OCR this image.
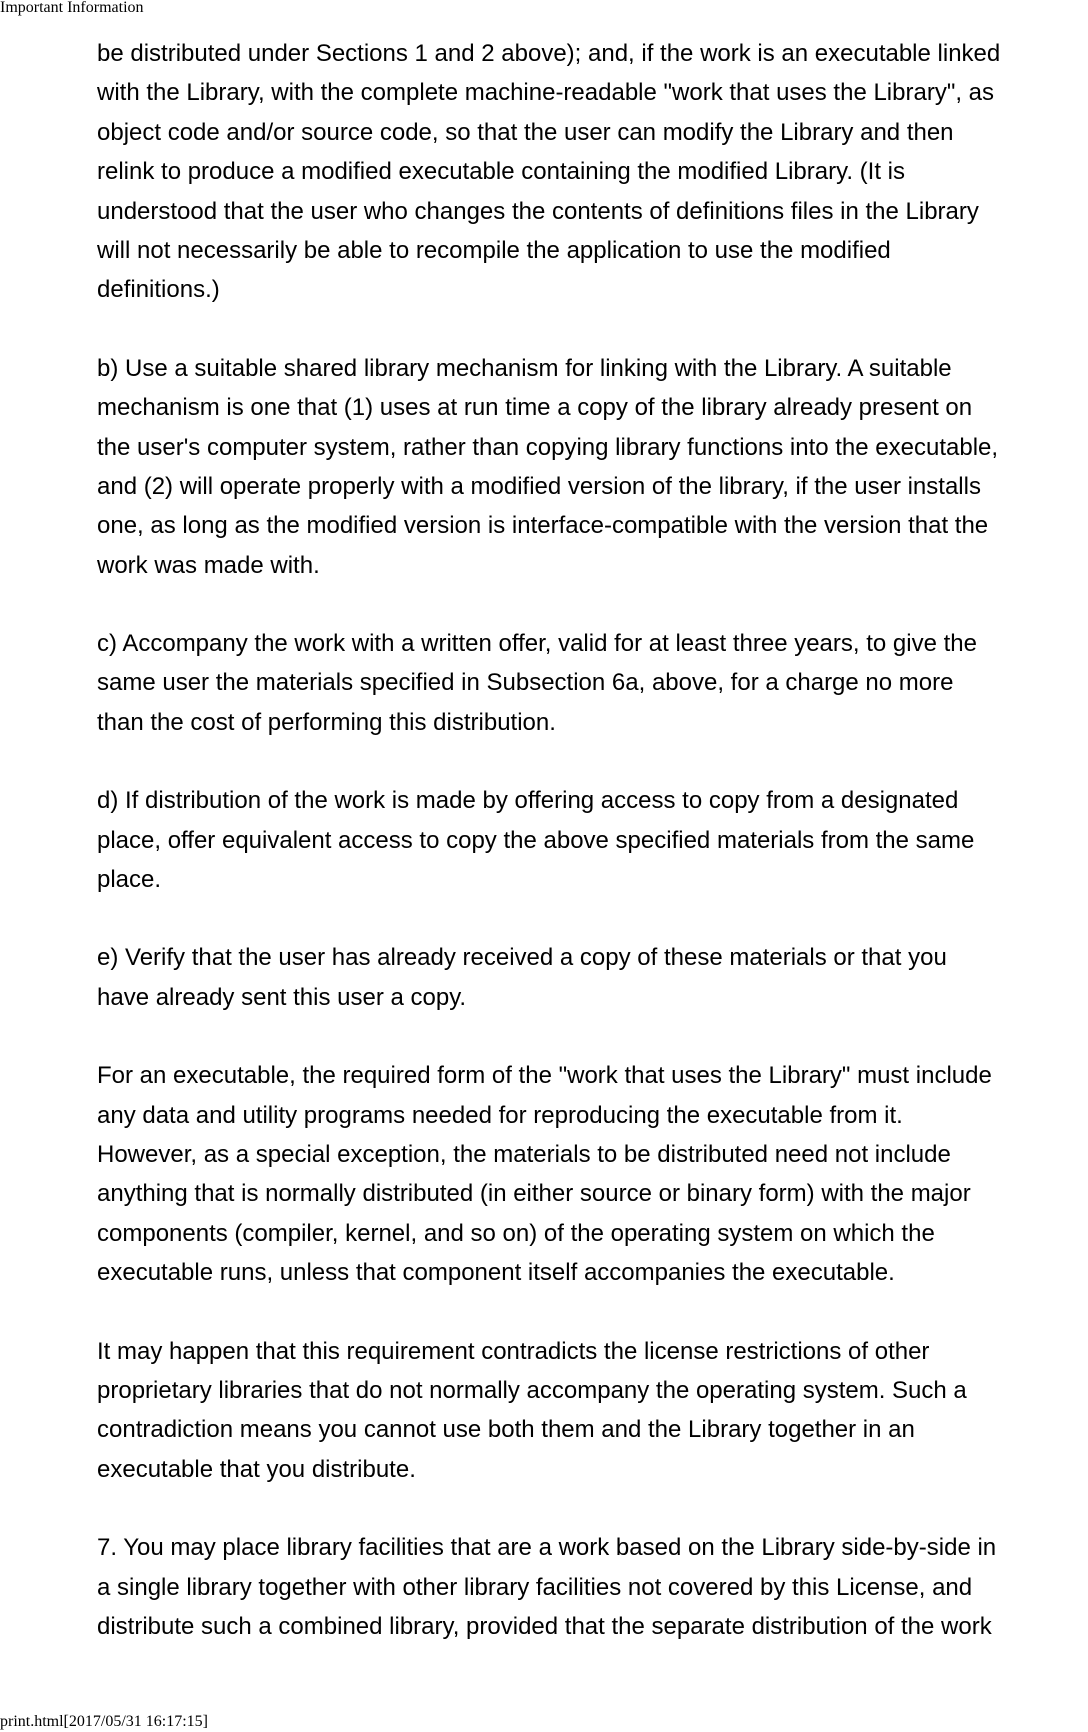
Important Information
be distributed under Sections 1 and 2 above); and, if the work is an executable linked
with the Library, with the complete machine-readable "work that uses the Library", as
object code and/or source code, so that the user can modify the Library and then
relink to produce a modified executable containing the modified Library. (It is
understood that the user who changes the contents of definitions files in the Library
will not necessarily be able to recompile the application to use the modified
definitions.)
b) Use a suitable shared library mechanism for linking with the Library. A suitable
mechanism is one that (1) uses at run time a copy of the library already present on
the user's computer system, rather than copying library functions into the executable,
and (2) will operate properly with a modified version of the library, if the user installs
one, as long as the modified version is interface-compatible with the version that the
work was made with.
c) Accompany the work with a written offer, valid for at least three years, to give the
same user the materials specified in Subsection 6a, above, for a charge no more
than the cost of performing this distribution.
d) If distribution of the work is made by offering access to copy from a designated
place, offer equivalent access to copy the above specified materials from the same
place.
e) Verify that the user has already received a copy of these materials or that you
have already sent this user a copy.
For an executable, the required form of the "work that uses the Library" must include
any data and utility programs needed for reproducing the executable from it.
However, as a special exception, the materials to be distributed need not include
anything that is normally distributed (in either source or binary form) with the major
components (compiler, kernel, and so on) of the operating system on which the
executable runs, unless that component itself accompanies the executable.
It may happen that this requirement contradicts the license restrictions of other
proprietary libraries that do not normally accompany the operating system. Such a
contradiction means you cannot use both them and the Library together in an
executable that you distribute.
7. You may place library facilities that are a work based on the Library side-by-side in
a single library together with other library facilities not covered by this License, and
distribute such a combined library, provided that the separate distribution of the work
print.html[2017/05/31 16:17:15]
